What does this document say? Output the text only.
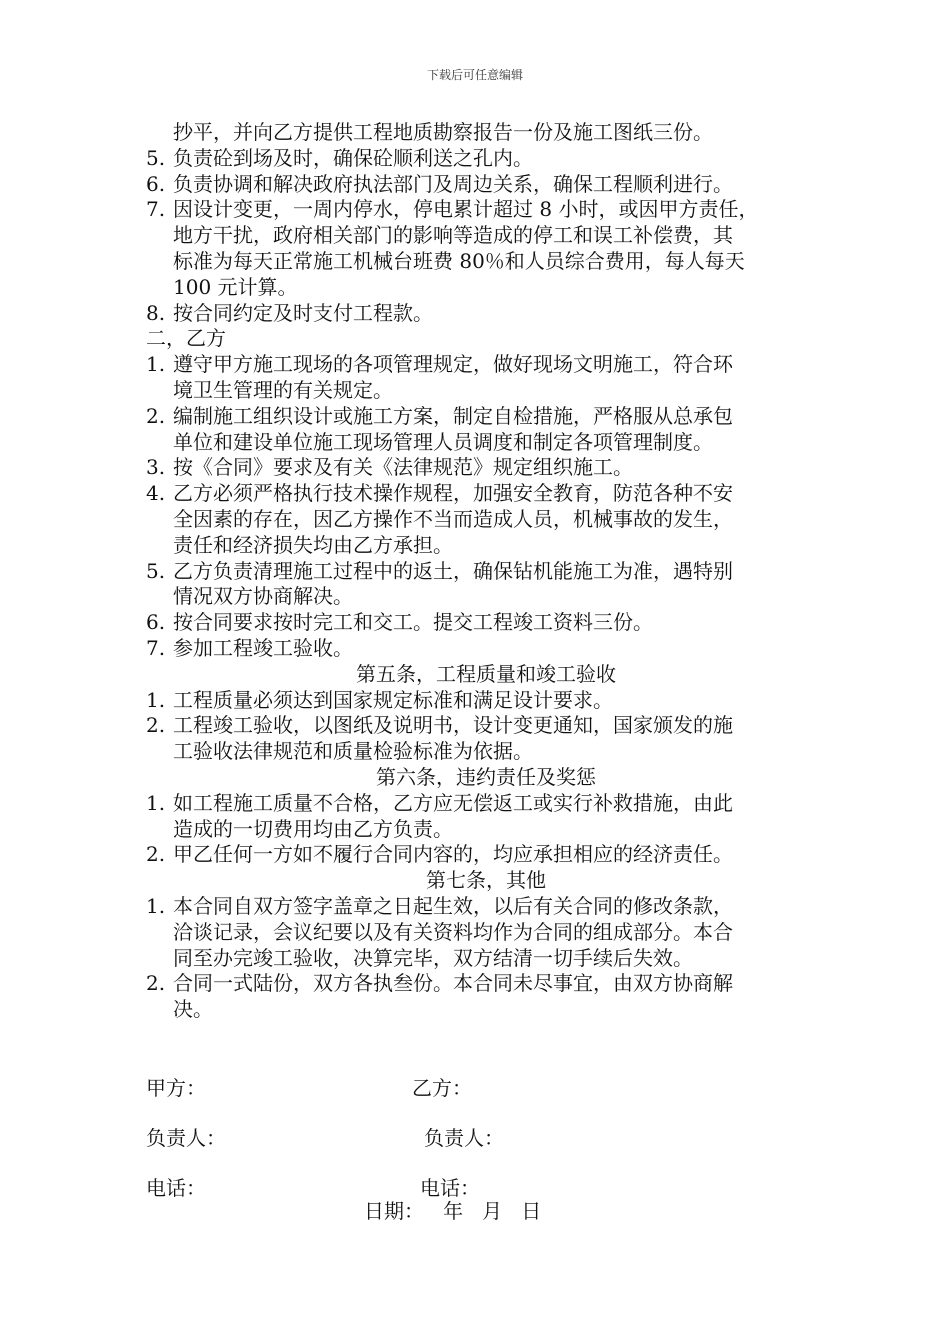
下载后可任意编辑
抄平，并向乙方提供工程地质勘察报告一份及施工图纸三份。
5. 负责砼到场及时，确保砼顺利送之孔内。
6. 负责协调和解决政府执法部门及周边关系，确保工程顺利进行。
7. 因设计变更，一周内停水，停电累计超过 8 小时，或因甲方责任，
地方干扰，政府相关部门的影响等造成的停工和误工补偿费，其
标准为每天正常施工机械台班费 80％和人员综合费用，每人每天
100 元计算。
8. 按合同约定及时支付工程款。
二，乙方
1. 遵守甲方施工现场的各项管理规定，做好现场文明施工，符合环
境卫生管理的有关规定。
2. 编制施工组织设计或施工方案，制定自检措施，严格服从总承包
单位和建设单位施工现场管理人员调度和制定各项管理制度。
3. 按《合同》要求及有关《法律规范》规定组织施工。
4. 乙方必须严格执行技术操作规程，加强安全教育，防范各种不安
全因素的存在，因乙方操作不当而造成人员，机械事故的发生，
责任和经济损失均由乙方承担。
5. 乙方负责清理施工过程中的返土，确保钻机能施工为准，遇特别
情况双方协商解决。
6. 按合同要求按时完工和交工。提交工程竣工资料三份。
7. 参加工程竣工验收。
第五条，工程质量和竣工验收
1. 工程质量必须达到国家规定标准和满足设计要求。
2. 工程竣工验收，以图纸及说明书，设计变更通知，国家颁发的施
工验收法律规范和质量检验标准为依据。
第六条，违约责任及奖惩
1. 如工程施工质量不合格，乙方应无偿返工或实行补救措施，由此
造成的一切费用均由乙方负责。
2. 甲乙任何一方如不履行合同内容的，均应承担相应的经济责任。
第七条，其他
1. 本合同自双方签字盖章之日起生效，以后有关合同的修改条款，
洽谈记录，会议纪要以及有关资料均作为合同的组成部分。本合
同至办完竣工验收，决算完毕，双方结清一切手续后失效。
2. 合同一式陆份，双方各执叁份。本合同未尽事宜，由双方协商解
决。
甲方：	乙方：
负责人：	负责人：
电话：	电话：
日期：   年   月   日
